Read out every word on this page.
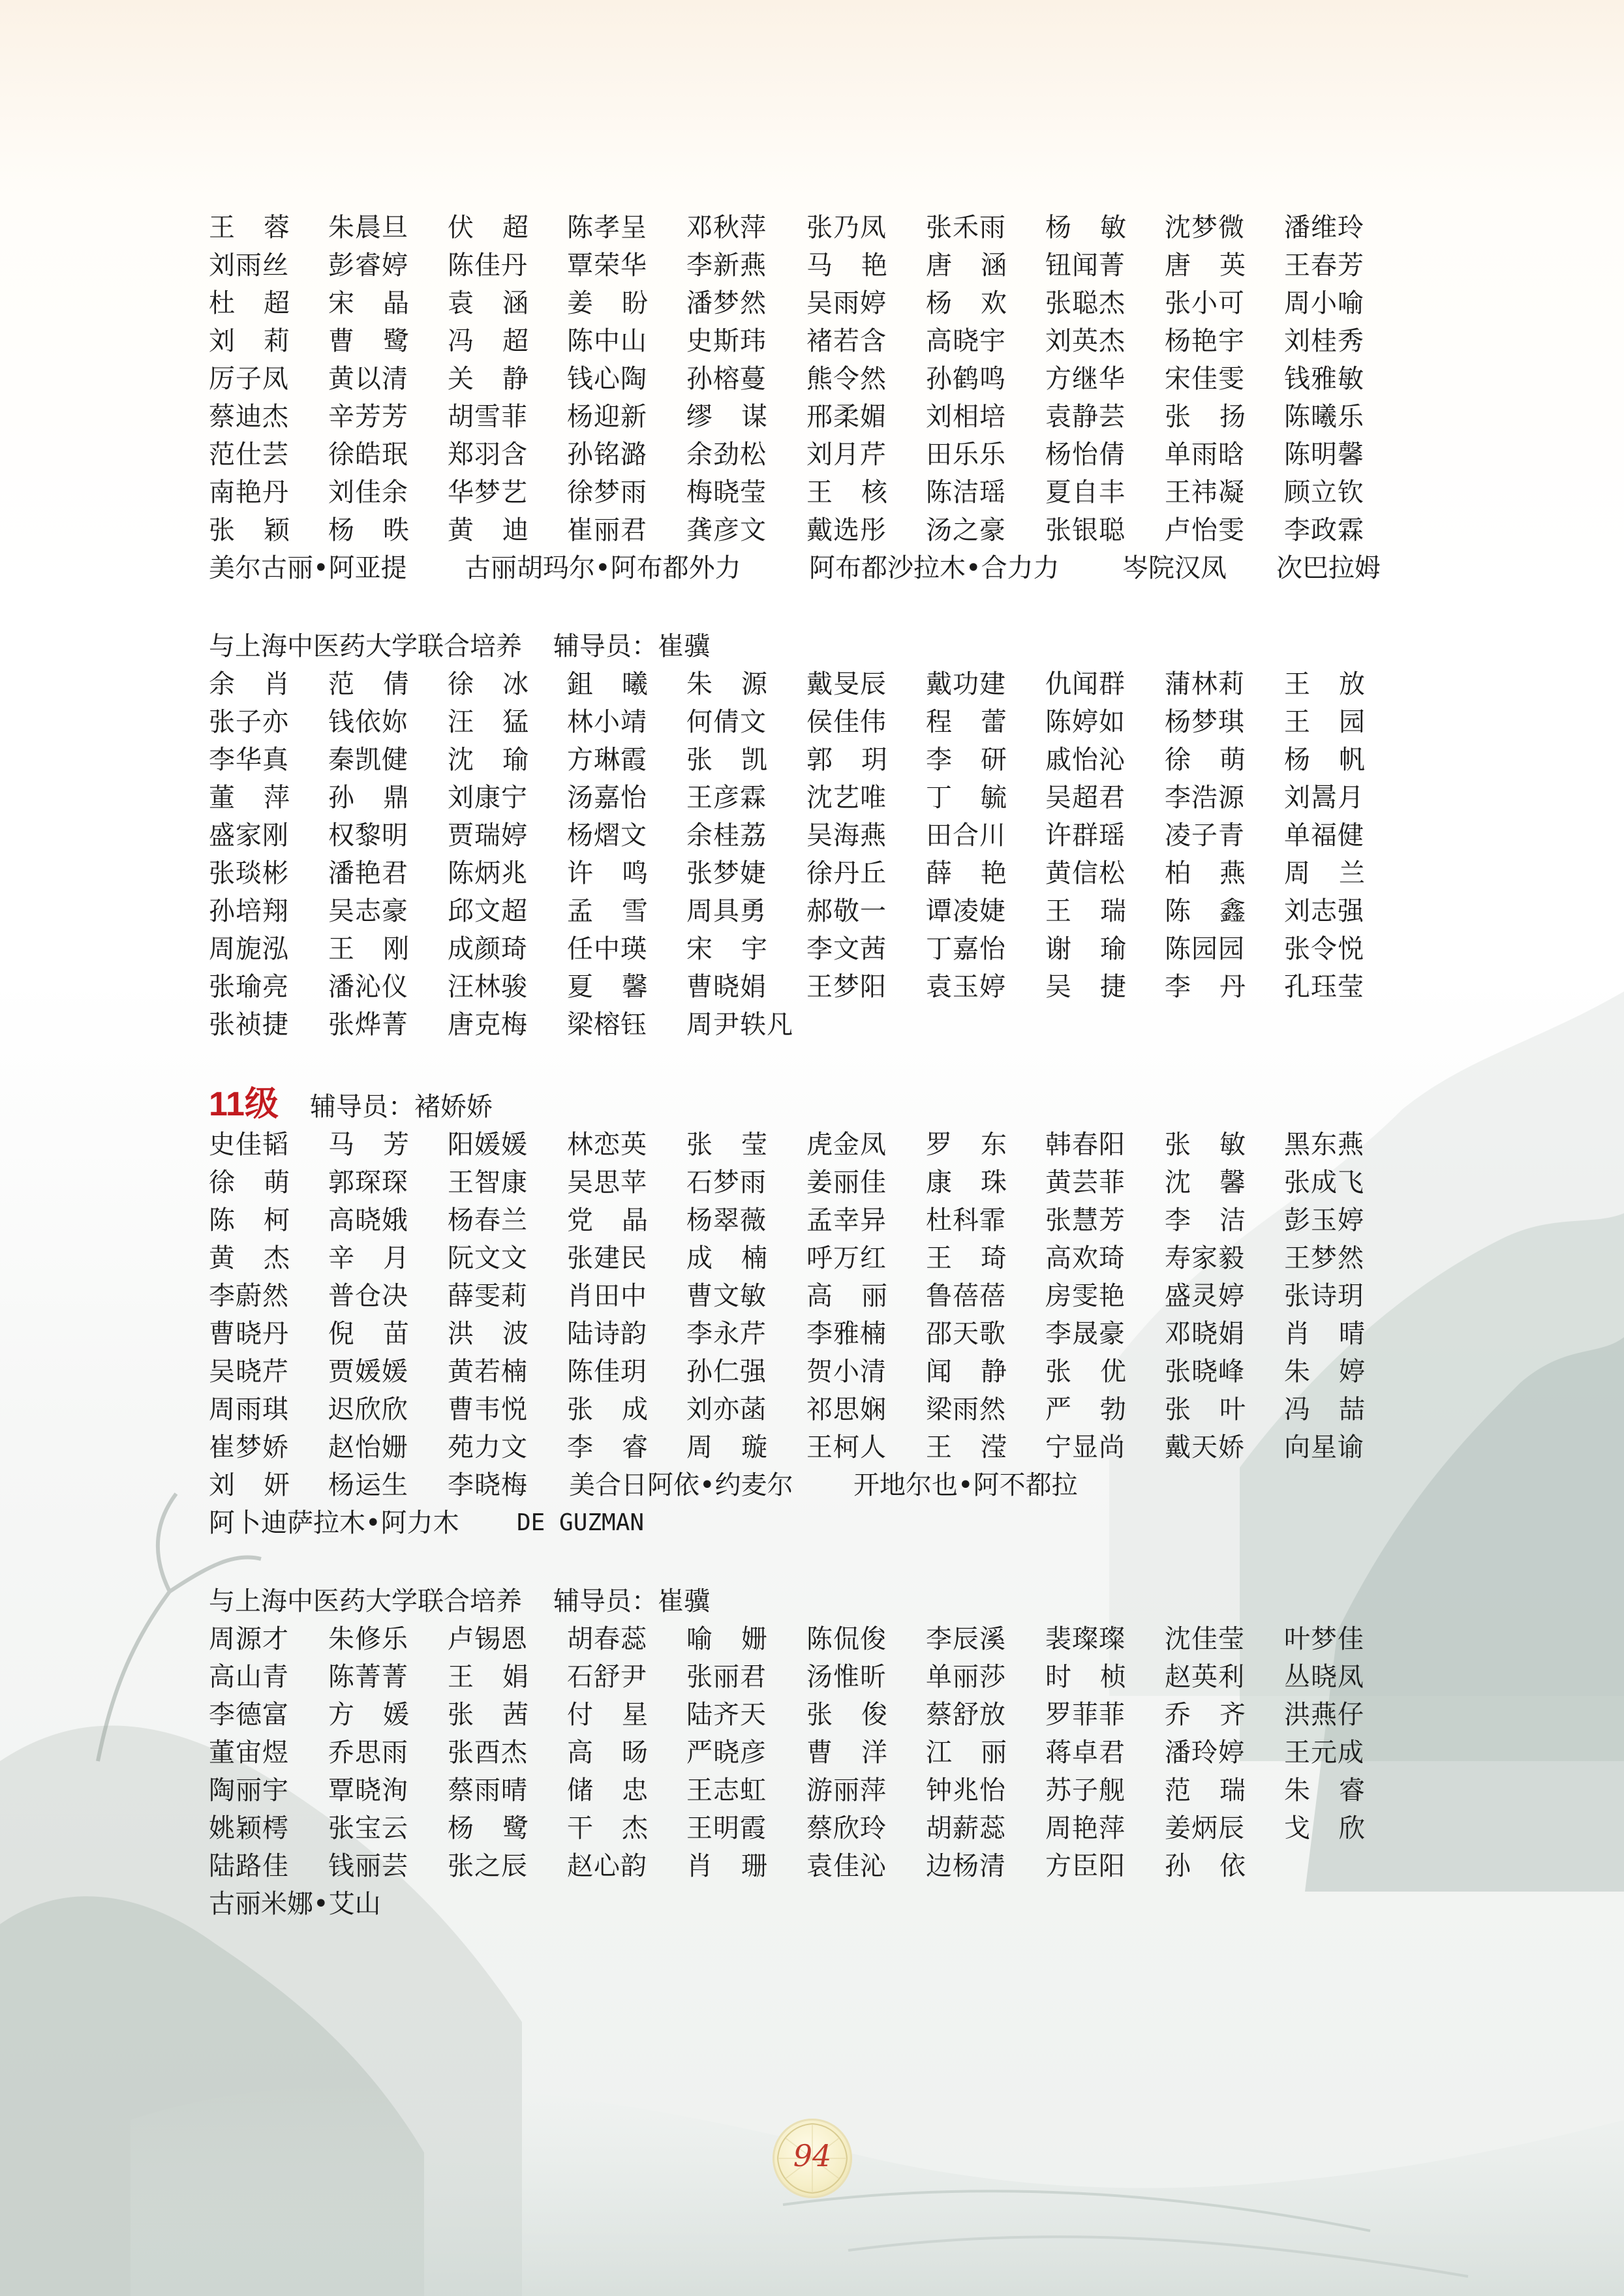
王蓉 朱晨旦 伏超 陈孝呈 邓秋萍 张乃凤 张禾雨 杨敏 沈梦微 潘维玲
刘雨丝 彭睿婷 陈佳丹 覃荣华 李新燕 马艳 唐涵 钮闻菁 唐英 王春芳
杜超 宋晶 袁涵 姜盼 潘梦然 吴雨婷 杨欢 张聪杰 张小可 周小喻
刘莉 曹鹭 冯超 陈中山 史斯玮 褚若含 高晓宇 刘英杰 杨艳宇 刘桂秀
厉子凤 黄以清 关静 钱心陶 孙榕蔓 熊令然 孙鹤鸣 方继华 宋佳雯 钱雅敏
蔡迪杰 辛芳芳 胡雪菲 杨迎新 缪谋 邢柔媚 刘相培 袁静芸 张扬 陈曦乐
范仕芸 徐皓珉 郑羽含 孙铭潞 余劲松 刘月芹 田乐乐 杨怡倩 单雨晗 陈明馨
南艳丹 刘佳余 华梦艺 徐梦雨 梅晓莹 王核 陈洁瑶 夏自丰 王祎凝 顾立钦
张颖 杨昳 黄迪 崔丽君 龚彦文 戴选彤 汤之豪 张银聪 卢怡雯 李政霖
美尔古丽•阿亚提 古丽胡玛尔•阿布都外力	阿布都沙拉木•合力力 岑院汉凤 次巴拉姆
与上海中医药大学联合培养 辅导员：崔骥
余肖 范倩 徐冰 鉏曦 朱源 戴旻辰 戴功建 仇闻群 蒲林莉 王放
张子亦 钱依妳 汪猛 林小靖 何倩文 侯佳伟 程蕾 陈婷如 杨梦琪 王园
李华真 秦凯健 沈瑜 方琳霞 张凯 郭玥 李研 戚怡沁 徐萌 杨帆
董萍 孙鼎 刘康宁 汤嘉怡 王彦霖 沈艺唯 丁毓 吴超君 李浩源 刘暠月
盛家刚 权黎明 贾瑞婷 杨熠文 余桂荔 吴海燕 田合川 许群瑶 凌子青 单福健
张琰彬 潘艳君 陈炳兆 许鸣 张梦婕 徐丹丘 薛艳 黄信松 柏燕 周兰
孙培翔 吴志豪 邱文超 孟雪 周具勇 郝敬一 谭凌婕 王瑞 陈鑫 刘志强
周旎泓 王刚 成颜琦 任中瑛 宋宇 李文茜 丁嘉怡 谢瑜 陈园园 张令悦
张瑜亮 潘沁仪 汪林骏 夏馨 曹晓娟 王梦阳 袁玉婷 吴捷 李丹 孔珏莹
张祯捷 张烨菁 唐克梅 梁榕钰 周尹轶凡
11级 辅导员：褚娇娇
史佳韬 马芳 阳媛媛 林恋英 张莹 虎金凤 罗东 韩春阳 张敏 黑东燕
徐萌 郭琛琛 王智康 吴思苹 石梦雨 姜丽佳 康珠 黄芸菲 沈馨 张成飞
陈柯 高晓娥 杨春兰 党晶 杨翠薇 孟幸异 杜科霏 张慧芳 李洁 彭玉婷
黄杰 辛月 阮文文 张建民 成楠 呼万红 王琦 高欢琦 寿家毅 王梦然
李蔚然 普仓决 薛雯莉 肖田中 曹文敏 高丽 鲁蓓蓓 房雯艳 盛灵婷 张诗玥
曹晓丹 倪苗 洪波 陆诗韵 李永芹 李雅楠 邵天歌 李晟豪 邓晓娟 肖晴
吴晓芹 贾媛媛 黄若楠 陈佳玥 孙仁强 贺小清 闻静 张优 张晓峰 朱婷
周雨琪 迟欣欣 曹韦悦 张成 刘亦菡 祁思娴 梁雨然 严勃 张叶 冯喆
崔梦娇 赵怡姗 苑力文 李睿 周璇 王柯人 王滢 宁显尚 戴天娇 向星谕
美合日阿依•约麦尔 开地尔也•阿不都拉
刘妍 杨运生 李晓梅
阿卜迪萨拉木•阿力木 DE GUZMAN
与上海中医药大学联合培养 辅导员：崔骥
周源才 朱修乐 卢锡恩 胡春蕊 喻姗 陈侃俊 李辰溪 裴璨璨 沈佳莹 叶梦佳
高山青 陈菁菁 王娟 石舒尹 张丽君 汤惟昕 单丽莎 时桢 赵英利 丛晓凤
李德富 方媛 张茜 付星 陆齐天 张俊 蔡舒放 罗菲菲 乔齐 洪燕仔
董宙煜 乔思雨 张酉杰 高旸 严晓彦 曹洋 江丽 蒋卓君 潘玲婷 王元成
陶丽宇 覃晓洵 蔡雨晴 储忠 王志虹 游丽萍 钟兆怡 苏子舰 范瑞 朱睿
姚颖樗 张宝云 杨鹭 干杰 王明霞 蔡欣玲 胡薪蕊 周艳萍 姜炳辰 戈欣
陆路佳 钱丽芸 张之辰 赵心韵 肖珊 袁佳沁 边杨清 方臣阳 孙依
古丽米娜•艾山
94
